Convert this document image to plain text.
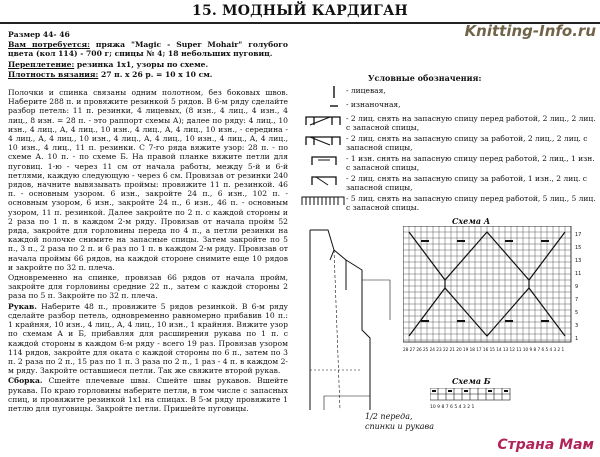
15. МОДНЫЙ КАРДИГАН
Knitting-Info.ru

Размер 44- 46

Вам потребуется: пряжа "Magic - Super Mohair" голубого цвета (кол 114) - 700 г; спицы № 4; 18 небольших пуговиц.

Переплетение: резинка 1х1, узоры по схеме.

Плотность вязания: 27 п. х 26 р. = 10 х 10 см.

Полочки и спинка связаны одним полотном, без боковых швов. Наберите 288 п. и провяжите резинкой 5 рядов. В 6-м ряду сделайте разбор петель: 11 п. резинки, 4 лицевых, (8 изн., 4 лиц., 4 изн., 4 лиц., 8 изн. = 28 п. - это раппорт схемы А); далее по ряду: 4 лиц., 10 изн., 4 лиц., А, 4 лиц., 10 изн., 4 лиц., А, 4 лиц., 10 изн., - середина - 4 лиц., А, 4 лиц., 10 изн., 4 лиц., А, 4 лиц., 10 изн., 4 лиц., А, 4 лиц., 10 изн., 4 лиц., 11 п. резинки. С 7-го ряда вяжите узор: 28 п. - по схеме А. 10 п. - по схеме Б. На правой планке вяжите петли для пуговиц. 1-ю - через 11 см от начала работы, между 5-й и 6-й петлями, каждую следующую - через 6 см. Провязав от резинки 240 рядов, начните вывязывать проймы: провяжите 11 п. резинкой. 46 п. - основным узором. 6 изн., закройте 24 п., 6 изн., 102 п. - основным узором, 6 изн., закройте 24 п., 6 изн., 46 п. - основным узором, 11 п. резинкой. Далее закройте по 2 п. с каждой стороны и 2 раза по 1 п. в каждом 2-м ряду. Провязав от начала пройм 52 ряда, закройте для горловины переда по 4 п., а петли резинки на каждой полочке снимите на запасные спицы. Затем закройте по 5 п., 3 п., 2 раза по 2 п. и 6 раз по 1 п. в каждом 2-м ряду. Провязав от начала проймы 66 рядов, на каждой стороне снимите еще 10 рядов и закройте по 32 п. плеча.

Одновременно на спинке, провязав 66 рядов от начала пройм, закройте для горловины средние 22 п., затем с каждой стороны 2 раза по 5 п. Закройте по 32 п. плеча.

Рукав. Наберите 48 п., провяжите 5 рядов резинкой. В 6-м ряду сделайте разбор петель, одновременно равномерно прибавив 10 п.: 1 крайняя, 10 изн., 4 лиц., А, 4 лиц., 10 изн., 1 крайняя. Вяжите узор по схемам А и Б, прибавляя для расширения рукава по 1 п. с каждой стороны в каждом 6-м ряду - всего 19 раз. Провязав узором 114 рядов, закройте для оката с каждой стороны по 6 п., затем по 3 п. 2 раза по 2 п., 15 раз по 1 п. 3 раза по 2 п., 1 раз - 4 п. в каждом 2-м ряду. Закройте оставшиеся петли. Так же свяжите второй рукав.

Сборка. Сшейте плечевые швы. Сшейте швы рукавов. Вшейте рукава. По краю горловины наберите петли, в том числе с запасных спиц, и провяжите резинкой 1х1 на спицах. В 5-м ряду провяжите 1 петлю для пуговицы. Закройте петли. Пришейте пуговицы.

Условные обозначения:
- лицевая,
- изнаночная,
- 2 лиц. снять на запасную спицу перед работой, 2 лиц., 2 лиц. с запасной спицы,
- 2 лиц. снять на запасную спицу за работой, 2 лиц., 2 лиц. с запасной спицы,
- 1 изн. снять на запасную спицу перед работой, 2 лиц., 1 изн. с запасной спицы,
- 2 лиц. снять на запасную спицу за работой, 1 изн., 2 лиц. с запасной спицы,
- 5 лиц. снять на запасную спицу перед работой, 5 лиц., 5 лиц. с запасной спицы.
Схема А
17
15
13
11
9
7
5
3
1
28 27 26 25 24 23 22 21 20 19 18 17 16 15 14 13 12 11 10 9 8 7 6 5 4 3 2 1
Схема Б
10 9 8 7 6 5 4 3 2 1
1/2 переда,
спинки и рукава
Страна Мам
